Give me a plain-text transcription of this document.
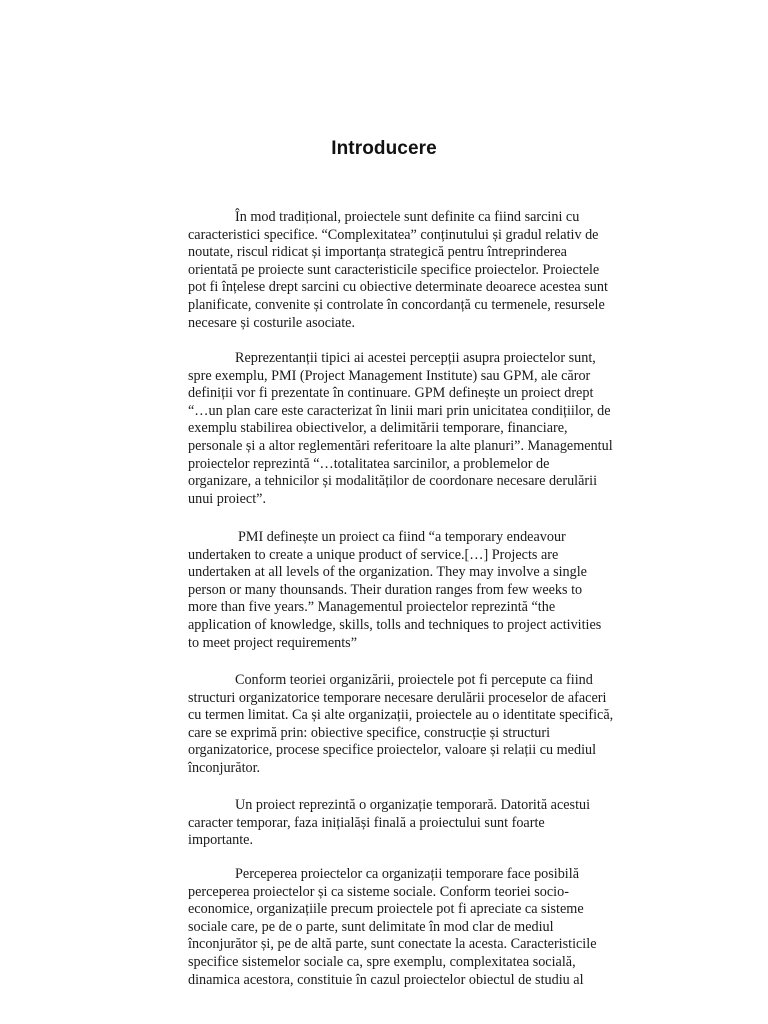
Introducere
În mod tradițional, proiectele sunt definite ca fiind sarcini cu
caracteristici specifice. “Complexitatea” conținutului și gradul relativ de
noutate, riscul ridicat și importanța strategică pentru întreprinderea
orientată pe proiecte sunt caracteristicile specifice proiectelor. Proiectele
pot fi înțelese drept sarcini cu obiective determinate deoarece acestea sunt
planificate, convenite și controlate în concordanță cu termenele, resursele
necesare și costurile asociate.
Reprezentanții tipici ai acestei percepții asupra proiectelor sunt,
spre exemplu, PMI (Project Management Institute) sau GPM, ale căror
definiții vor fi prezentate în continuare. GPM definește un proiect drept
“…un plan care este caracterizat în linii mari prin unicitatea condițiilor, de
exemplu stabilirea obiectivelor, a delimitării temporare, financiare,
personale și a altor reglementări referitoare la alte planuri”. Managementul
proiectelor reprezintă “…totalitatea sarcinilor, a problemelor de
organizare, a tehnicilor și modalităților de coordonare necesare derulării
unui proiect”.
PMI definește un proiect ca fiind “a temporary endeavour
undertaken to create a unique product of service.[…] Projects are
undertaken at all levels of the organization. They may involve a single
person or many thounsands. Their duration ranges from few weeks to
more than five years.” Managementul proiectelor reprezintă “the
application of knowledge, skills, tolls and techniques to project activities
to meet project requirements”
Conform teoriei organizării, proiectele pot fi percepute ca fiind
structuri organizatorice temporare necesare derulării proceselor de afaceri
cu termen limitat. Ca și alte organizații, proiectele au o identitate specifică,
care se exprimă prin: obiective specifice, construcție și structuri
organizatorice, procese specifice proiectelor, valoare și relații cu mediul
înconjurător.
Un proiect reprezintă o organizație temporară. Datorită acestui
caracter temporar, faza inițialăși finală a proiectului sunt foarte
importante.
Perceperea proiectelor ca organizații temporare face posibilă
perceperea proiectelor și ca sisteme sociale. Conform teoriei socio-
economice, organizațiile precum proiectele pot fi apreciate ca sisteme
sociale care, pe de o parte, sunt delimitate în mod clar de mediul
înconjurător și, pe de altă parte, sunt conectate la acesta. Caracteristicile
specifice sistemelor sociale ca, spre exemplu, complexitatea socială,
dinamica acestora, constituie în cazul proiectelor obiectul de studiu al
